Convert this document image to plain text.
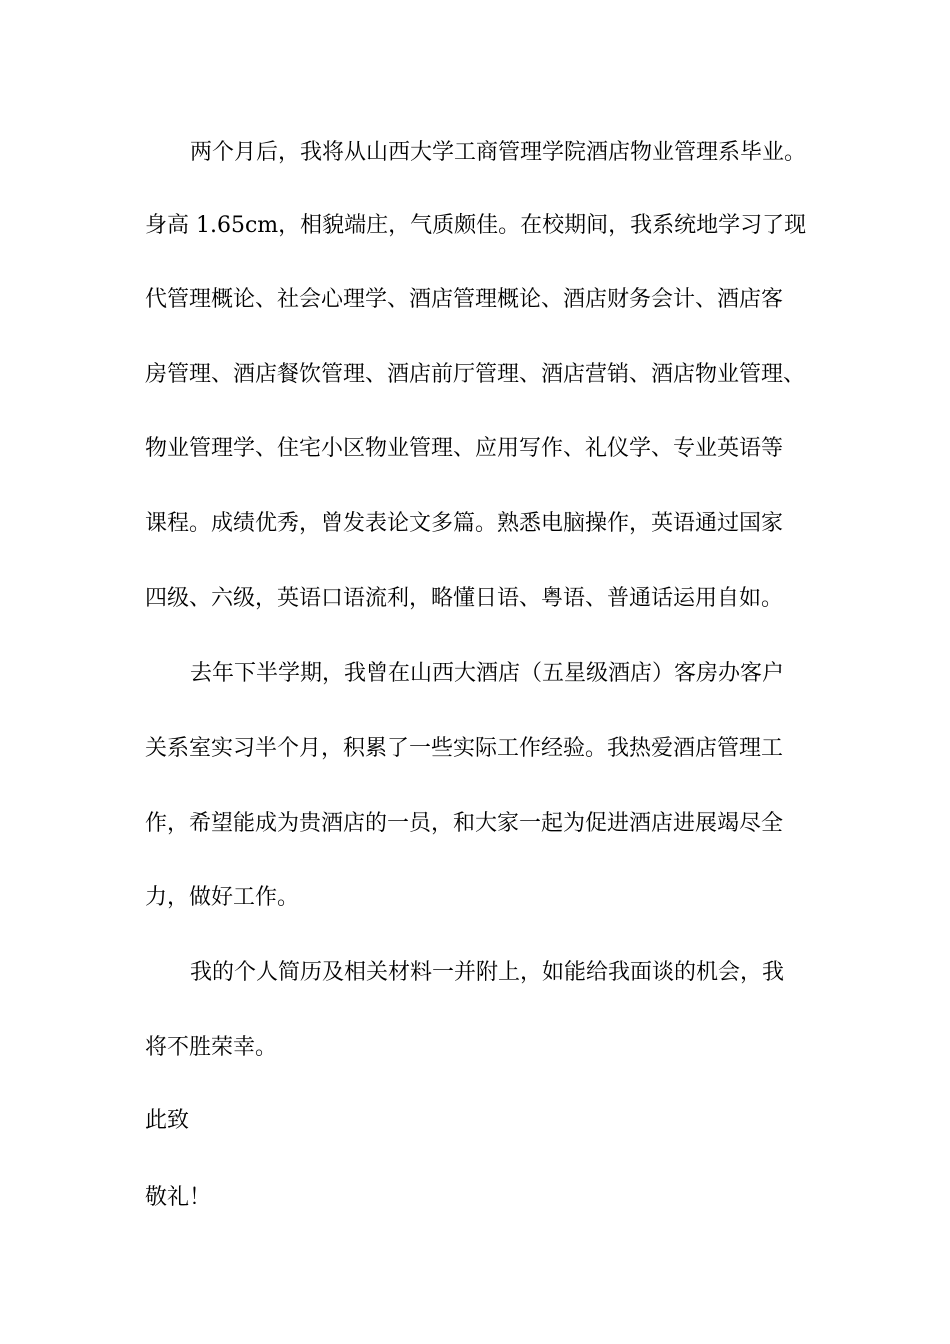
两个月后，我将从山西大学工商管理学院酒店物业管理系毕业。
身高 1.65cm，相貌端庄，气质颇佳。在校期间，我系统地学习了现
代管理概论、社会心理学、酒店管理概论、酒店财务会计、酒店客
房管理、酒店餐饮管理、酒店前厅管理、酒店营销、酒店物业管理、
物业管理学、住宅小区物业管理、应用写作、礼仪学、专业英语等
课程。成绩优秀，曾发表论文多篇。熟悉电脑操作，英语通过国家
四级、六级，英语口语流利，略懂日语、粤语、普通话运用自如。
去年下半学期，我曾在山西大酒店（五星级酒店）客房办客户
关系室实习半个月，积累了一些实际工作经验。我热爱酒店管理工
作，希望能成为贵酒店的一员，和大家一起为促进酒店进展竭尽全
力，做好工作。
我的个人简历及相关材料一并附上，如能给我面谈的机会，我
将不胜荣幸。
此致
敬礼！
